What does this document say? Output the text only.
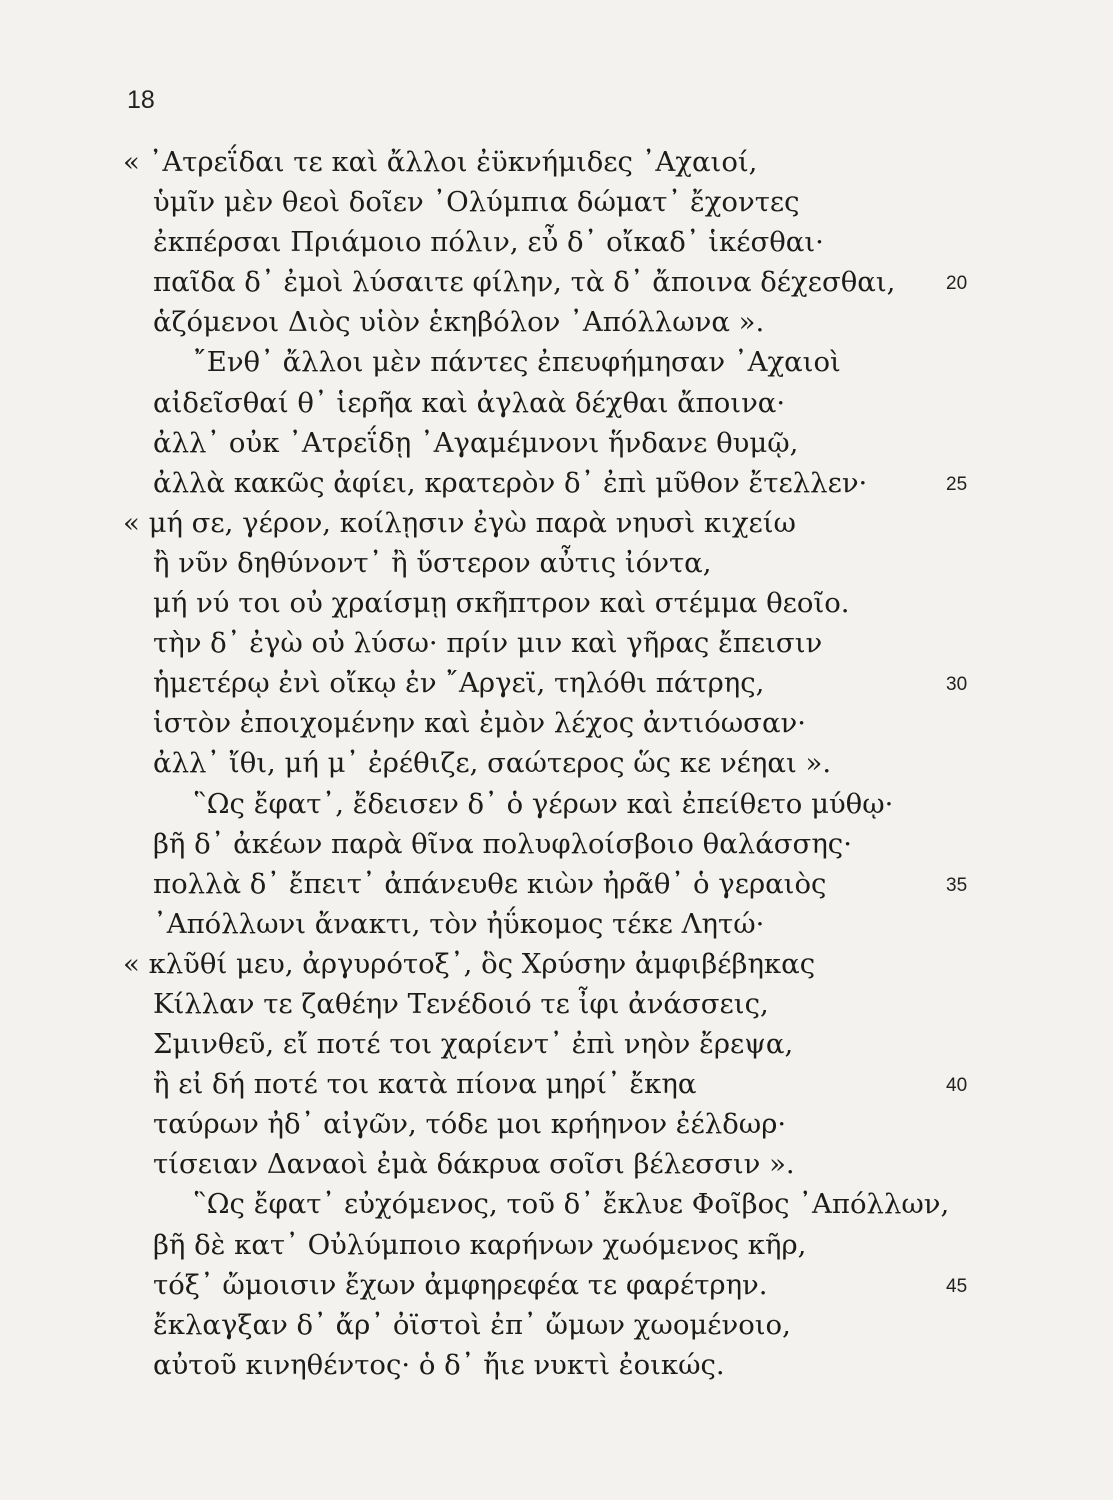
18
« ᾿Ατρεΐδαι τε καὶ ἄλλοι ἐϋκνήμιδες ᾿Αχαιοί,
ὑμῖν μὲν θεοὶ δοῖεν ᾿Ολύμπια δώματ᾿ ἔχοντες
ἐκπέρσαι Πριάμοιο πόλιν, εὖ δ᾿ οἴκαδ᾿ ἱκέσθαι·
παῖδα δ᾿ ἐμοὶ λύσαιτε φίλην, τὰ δ᾿ ἄποινα δέχεσθαι,	20
ἁζόμενοι Διὸς υἱὸν ἑκηβόλον ᾿Απόλλωνα ».
῎Ενθ᾿ ἄλλοι μὲν πάντες ἐπευφήμησαν ᾿Αχαιοὶ
αἰδεῖσθαί θ᾿ ἱερῆα καὶ ἀγλαὰ δέχθαι ἄποινα·
ἀλλ᾿ οὐκ ᾿Ατρεΐδῃ ᾿Αγαμέμνονι ἥνδανε θυμῷ,
ἀλλὰ κακῶς ἀφίει, κρατερὸν δ᾿ ἐπὶ μῦθον ἔτελλεν·	25
« μή σε, γέρον, κοίλῃσιν ἐγὼ παρὰ νηυσὶ κιχείω
ἢ νῦν δηθύνοντ᾿ ἢ ὕστερον αὖτις ἰόντα,
μή νύ τοι οὐ χραίσμῃ σκῆπτρον καὶ στέμμα θεοῖο.
τὴν δ᾿ ἐγὼ οὐ λύσω· πρίν μιν καὶ γῆρας ἔπεισιν
ἡμετέρῳ ἐνὶ οἴκῳ ἐν ῎Αργεϊ, τηλόθι πάτρης,	30
ἱστὸν ἐποιχομένην καὶ ἐμὸν λέχος ἀντιόωσαν·
ἀλλ᾿ ἴθι, μή μ᾿ ἐρέθιζε, σαώτερος ὥς κε νέηαι ».
῝Ως ἔφατ᾿, ἔδεισεν δ᾿ ὁ γέρων καὶ ἐπείθετο μύθῳ·
βῆ δ᾿ ἀκέων παρὰ θῖνα πολυφλοίσβοιο θαλάσσης·
πολλὰ δ᾿ ἔπειτ᾿ ἀπάνευθε κιὼν ἠρᾶθ᾿ ὁ γεραιὸς	35
᾿Απόλλωνι ἄνακτι, τὸν ἠΰκομος τέκε Λητώ·
« κλῦθί μευ, ἀργυρότοξ᾿, ὃς Χρύσην ἀμφιβέβηκας
Κίλλαν τε ζαθέην Τενέδοιό τε ἶφι ἀνάσσεις,
Σμινθεῦ, εἴ ποτέ τοι χαρίεντ᾿ ἐπὶ νηὸν ἔρεψα,
ἢ εἰ δή ποτέ τοι κατὰ πίονα μηρί᾿ ἔκηα	40
ταύρων ἠδ᾿ αἰγῶν, τόδε μοι κρήηνον ἐέλδωρ·
τίσειαν Δαναοὶ ἐμὰ δάκρυα σοῖσι βέλεσσιν ».
῝Ως ἔφατ᾿ εὐχόμενος, τοῦ δ᾿ ἔκλυε Φοῖβος ᾿Απόλλων,
βῆ δὲ κατ᾿ Οὐλύμποιο καρήνων χωόμενος κῆρ,
τόξ᾿ ὤμοισιν ἔχων ἀμφηρεφέα τε φαρέτρην.	45
ἔκλαγξαν δ᾿ ἄρ᾿ ὀϊστοὶ ἐπ᾿ ὤμων χωομένοιο,
αὐτοῦ κινηθέντος· ὁ δ᾿ ἤιε νυκτὶ ἐοικώς.
